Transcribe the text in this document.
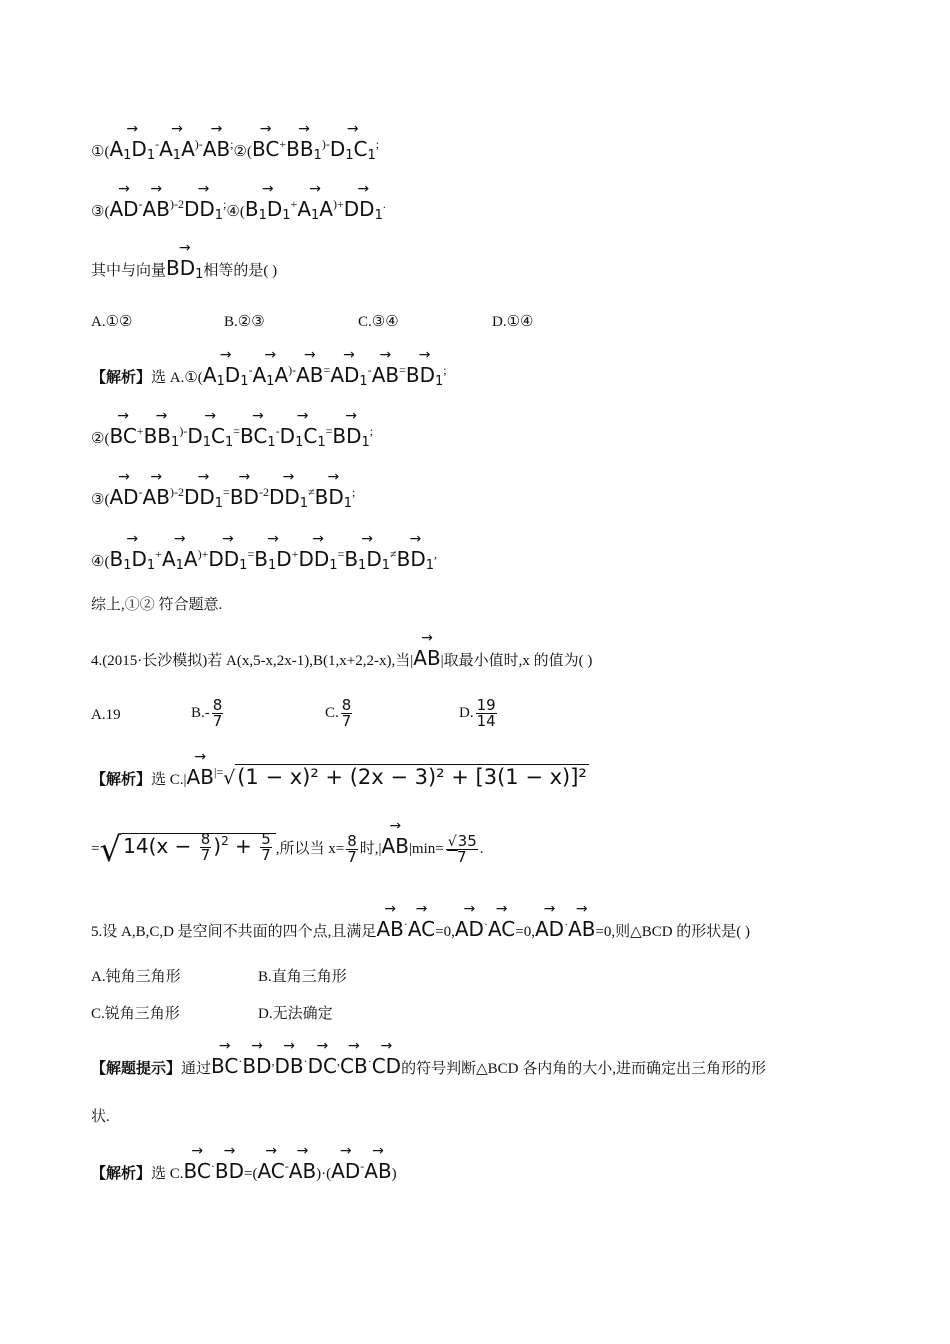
①(→ $A_1D_1^-\to A_1A^{)-}\to$ AB;②(→ $BC^+\to BB_1^{)-}\to D_1C_1^;$
③(→ $AD^-\to AB^{)-2}\to$ $DD_1^;④(\to B_1D_1^+\to A_1A^{)+}\to DD_1^.$
其中与向量→ $BD_1$相等的是( )
A.①②	B.②③	C.③④	D.①④
【解析】选 A.①(→ $A_1D_1^-\to A_1A^{)-}\to AB^=\to AD_1^-\to AB^=\to BD_1^;$
②(→ $BC^+\to BB_1^{)-}\to D_1C_1^=\to BC_1^-\to D_1C_1^=\to BD_1^;$
③(→ $AD^-\to AB^{)-2}\to DD_1^=\to BD^{-2}\to DD_1^\ne\to BD_1^;$
④(→ $B_1D_1^+\to A_1A^{)+}\to DD_1^=\to B_1D^+\to DD_1^=\to B_1D_1^\ne\to BD_1^,$
综上,①② 符合题意.
4.(2015·长沙模拟)若 A(x,5-x,2x-1),B(1,x+2,2-x),当|→ AB|取最小值时,x 的值为( )
A.19	$B.- \frac{8}{7}$	C. $\frac{8}{7}$	D. $\frac{19}{14}$
【解析】选 C.|→ AB|=√(1 − x)² + (2x − 3)² + [3(1 − x)]²
=√ $14(x - \frac{8}{7} )^2 + \frac{5}{7}$ ,所以当 $x= \frac{8}{7}$ 时,|→ $AB|\min= \frac{√35}{7}$ .
5.设 A,B,C,D 是空间不共面的四个点,且满足→ AB·→ AC=0,→ AD·→ AC=0,→ AD·→ AB=0,则△BCD 的形状是( )
A.钝角三角形	B.直角三角形
C.锐角三角形	D.无法确定
【解题提示】通过→ BC·→ BD,→ DB·→ DC,→ CB·→ CD的符号判断△BCD 各内角的大小,进而确定出三角形的形
状.
【解析】选 C.→ BC·→ BD=(→ AC-→ AB)·(→ AD-→ AB)
